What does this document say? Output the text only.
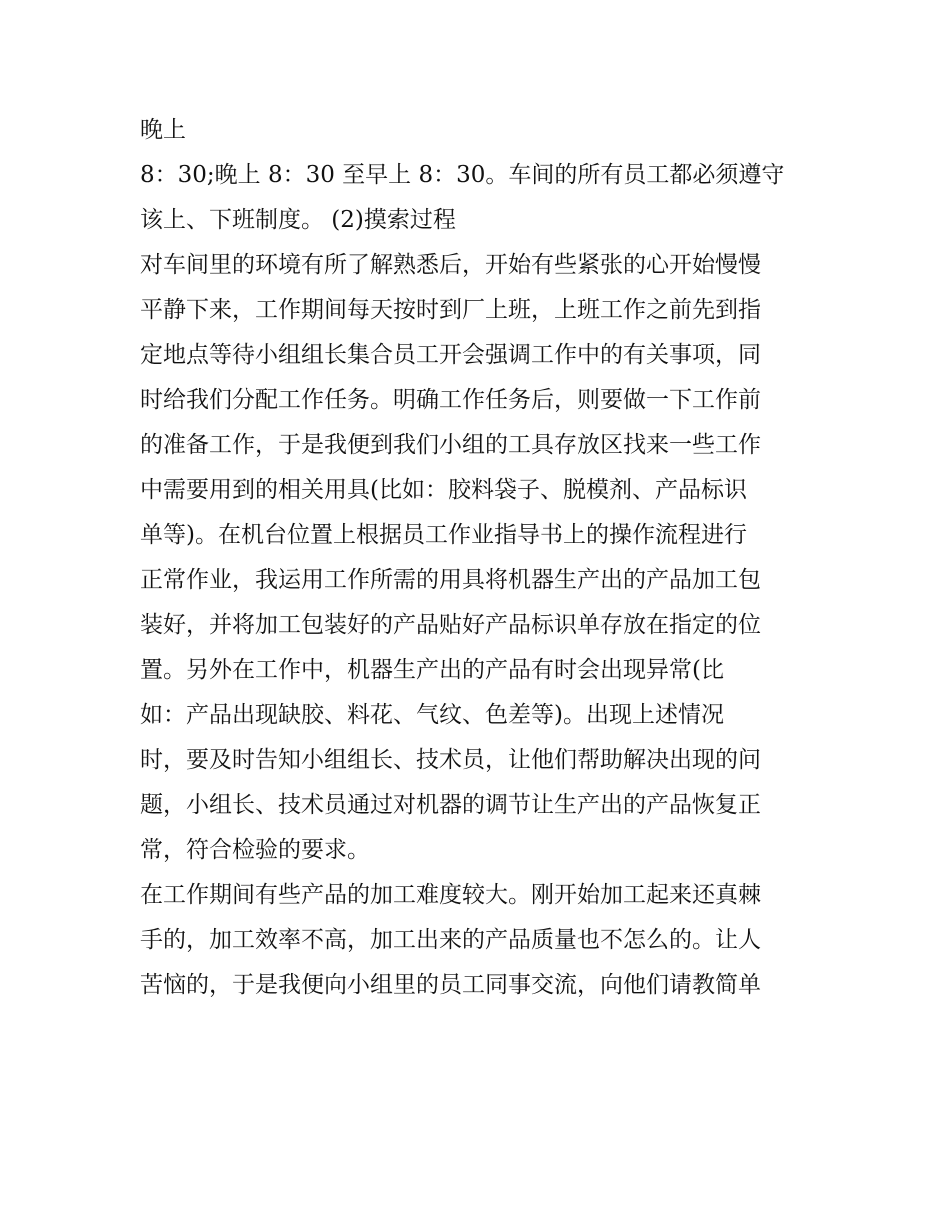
晚上
8：30;晚上 8：30 至早上 8：30。车间的所有员工都必须遵守
该上、下班制度。 (2)摸索过程
对车间里的环境有所了解熟悉后，开始有些紧张的心开始慢慢
平静下来，工作期间每天按时到厂上班，上班工作之前先到指
定地点等待小组组长集合员工开会强调工作中的有关事项，同
时给我们分配工作任务。明确工作任务后，则要做一下工作前
的准备工作，于是我便到我们小组的工具存放区找来一些工作
中需要用到的相关用具(比如：胶料袋子、脱模剂、产品标识
单等)。在机台位置上根据员工作业指导书上的操作流程进行
正常作业，我运用工作所需的用具将机器生产出的产品加工包
装好，并将加工包装好的产品贴好产品标识单存放在指定的位
置。另外在工作中，机器生产出的产品有时会出现异常(比
如：产品出现缺胶、料花、气纹、色差等)。出现上述情况
时，要及时告知小组组长、技术员，让他们帮助解决出现的问
题，小组长、技术员通过对机器的调节让生产出的产品恢复正
常，符合检验的要求。
在工作期间有些产品的加工难度较大。刚开始加工起来还真棘
手的，加工效率不高，加工出来的产品质量也不怎么的。让人
苦恼的，于是我便向小组里的员工同事交流，向他们请教简单
